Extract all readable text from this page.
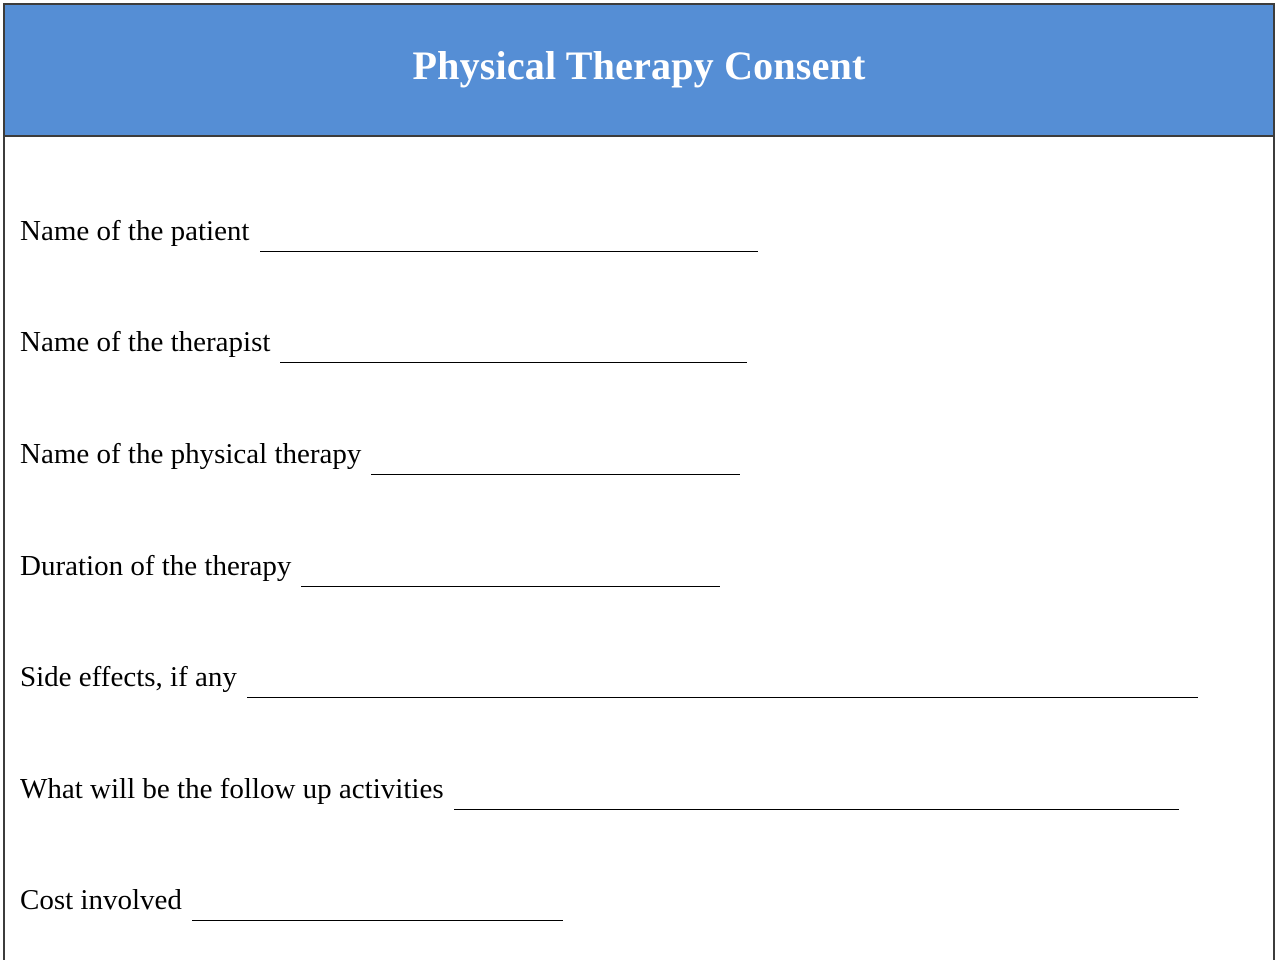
Physical Therapy Consent
Name of the patient
Name of the therapist
Name of the physical therapy
Duration of the therapy
Side effects, if any
What will be the follow up activities
Cost involved
